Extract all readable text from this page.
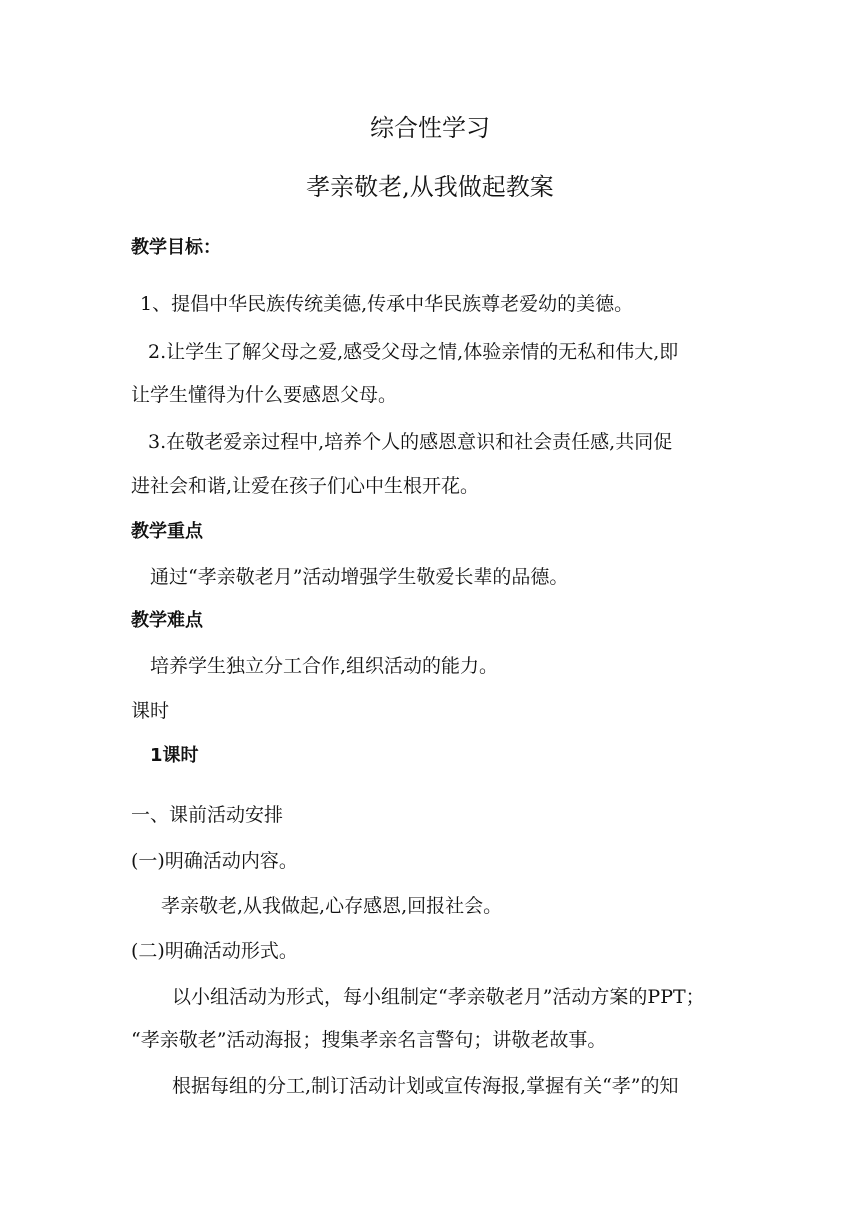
综合性学习
孝亲敬老,从我做起教案
教学目标：
1、提倡中华民族传统美德,传承中华民族尊老爱幼的美德。
2.让学生了解父母之爱,感受父母之情,体验亲情的无私和伟大,即
让学生懂得为什么要感恩父母。
3.在敬老爱亲过程中,培养个人的感恩意识和社会责任感,共同促
进社会和谐,让爱在孩子们心中生根开花。
教学重点
通过“孝亲敬老月”活动增强学生敬爱长辈的品德。
教学难点
培养学生独立分工合作,组织活动的能力。
课时
1课时
一、课前活动安排
(一)明确活动内容。
孝亲敬老,从我做起,心存感恩,回报社会。
(二)明确活动形式。
以小组活动为形式，每小组制定“孝亲敬老月”活动方案的PPT；
“孝亲敬老”活动海报；搜集孝亲名言警句；讲敬老故事。
根据每组的分工,制订活动计划或宣传海报,掌握有关“孝”的知
